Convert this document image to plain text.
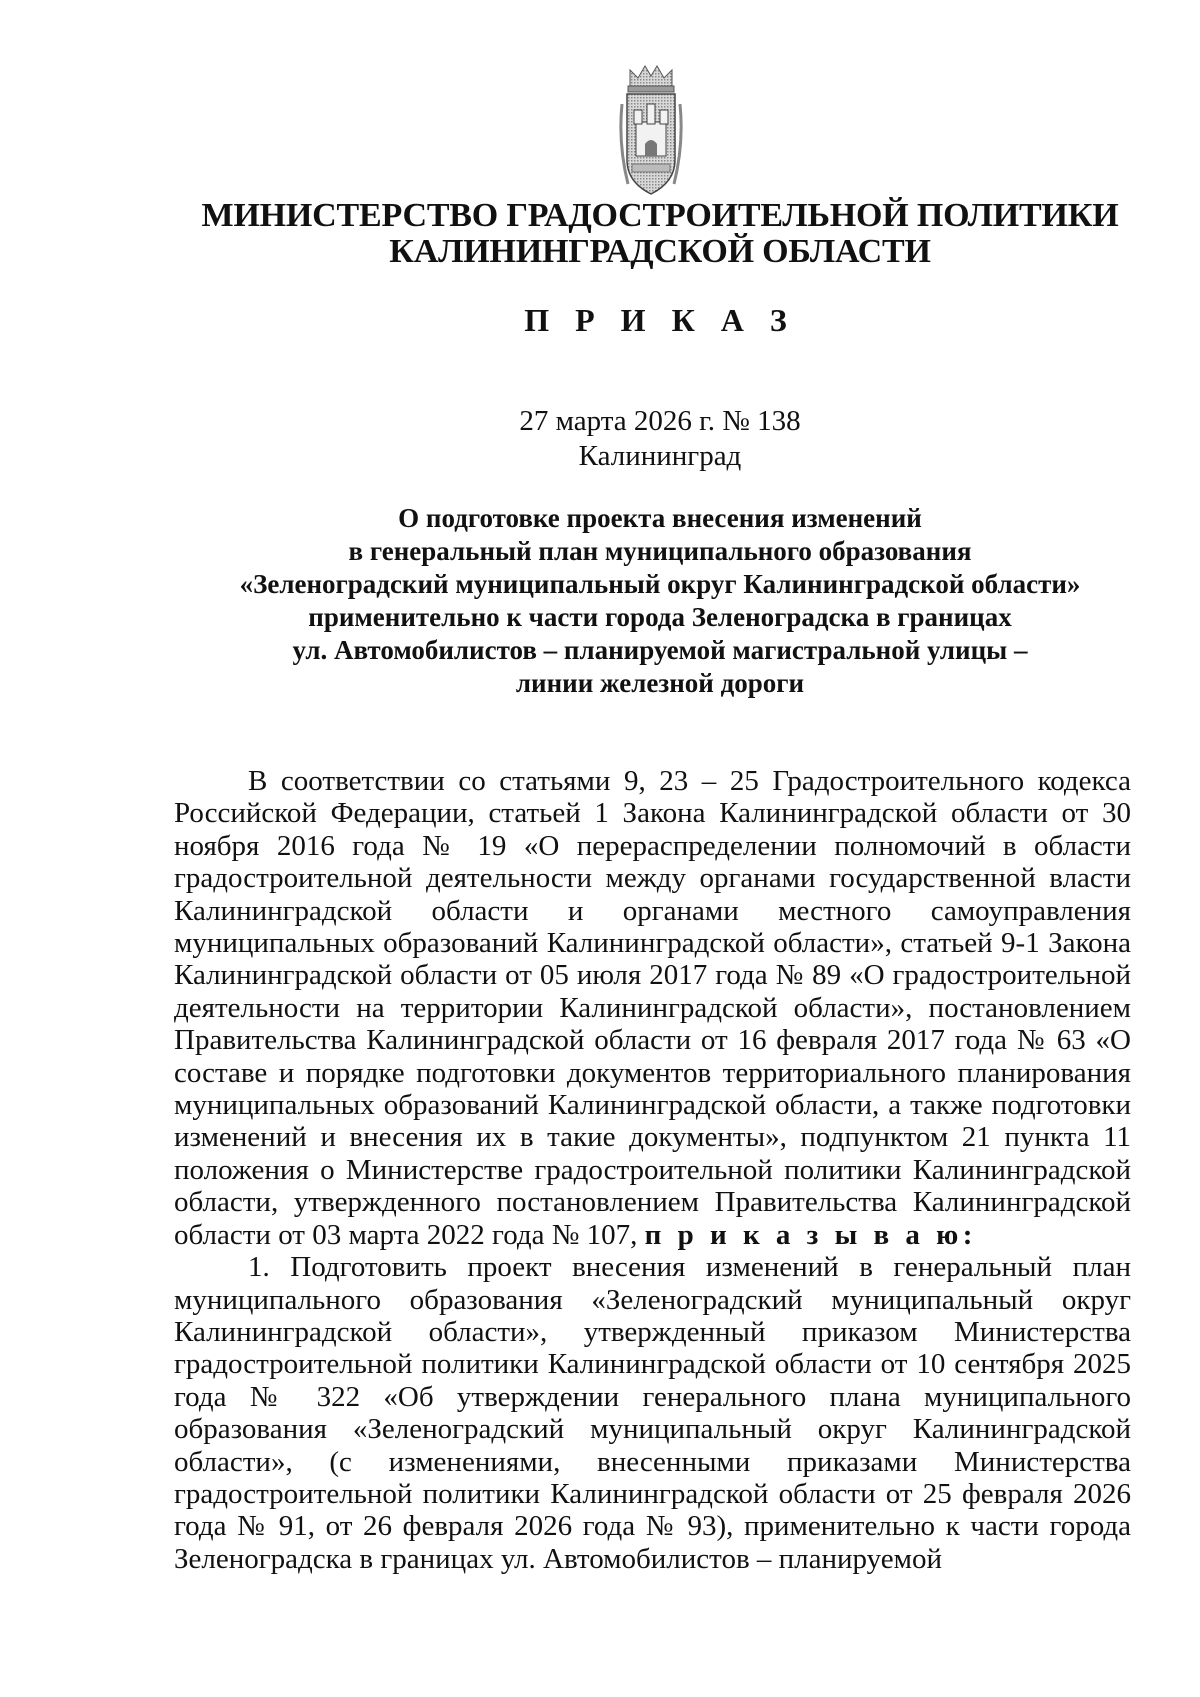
МИНИСТЕРСТВО ГРАДОСТРОИТЕЛЬНОЙ ПОЛИТИКИ
КАЛИНИНГРАДСКОЙ ОБЛАСТИ
П Р И К А З
27 марта 2026 г. № 138
Калининград
О подготовке проекта внесения изменений
в генеральный план муниципального образования
«Зеленоградский муниципальный округ Калининградской области»
применительно к части города Зеленоградска в границах
ул. Автомобилистов – планируемой магистральной улицы –
линии железной дороги

В соответствии со статьями 9, 23 – 25 Градостроительного кодекса Российской Федерации, статьей 1 Закона Калининградской области от 30 ноября 2016 года № 19 «О перераспределении полномочий в области градостроительной деятельности между органами государственной власти Калининградской области и органами местного самоуправления муниципальных образований Калининградской области», статьей 9-1 Закона Калининградской области от 05 июля 2017 года № 89 «О градостроительной деятельности на территории Калининградской области», постановлением Правительства Калининградской области от 16 февраля 2017 года № 63 «О составе и порядке подготовки документов территориального планирования муниципальных образований Калининградской области, а также подготовки изменений и внесения их в такие документы», подпунктом 21 пункта 11 положения о Министерстве градостроительной политики Калининградской области, утвержденного постановлением Правительства Калининградской области от 03 марта 2022 года № 107, п р и к а з ы в а ю:

1. Подготовить проект внесения изменений в генеральный план муниципального образования «Зеленоградский муниципальный округ Калининградской области», утвержденный приказом Министерства градостроительной политики Калининградской области от 10 сентября 2025 года № 322 «Об утверждении генерального плана муниципального образования «Зеленоградский муниципальный округ Калининградской области», (с изменениями, внесенными приказами Министерства градостроительной политики Калининградской области от 25 февраля 2026 года № 91, от 26 февраля 2026 года № 93), применительно к части города Зеленоградска в границах ул. Автомобилистов – планируемой
